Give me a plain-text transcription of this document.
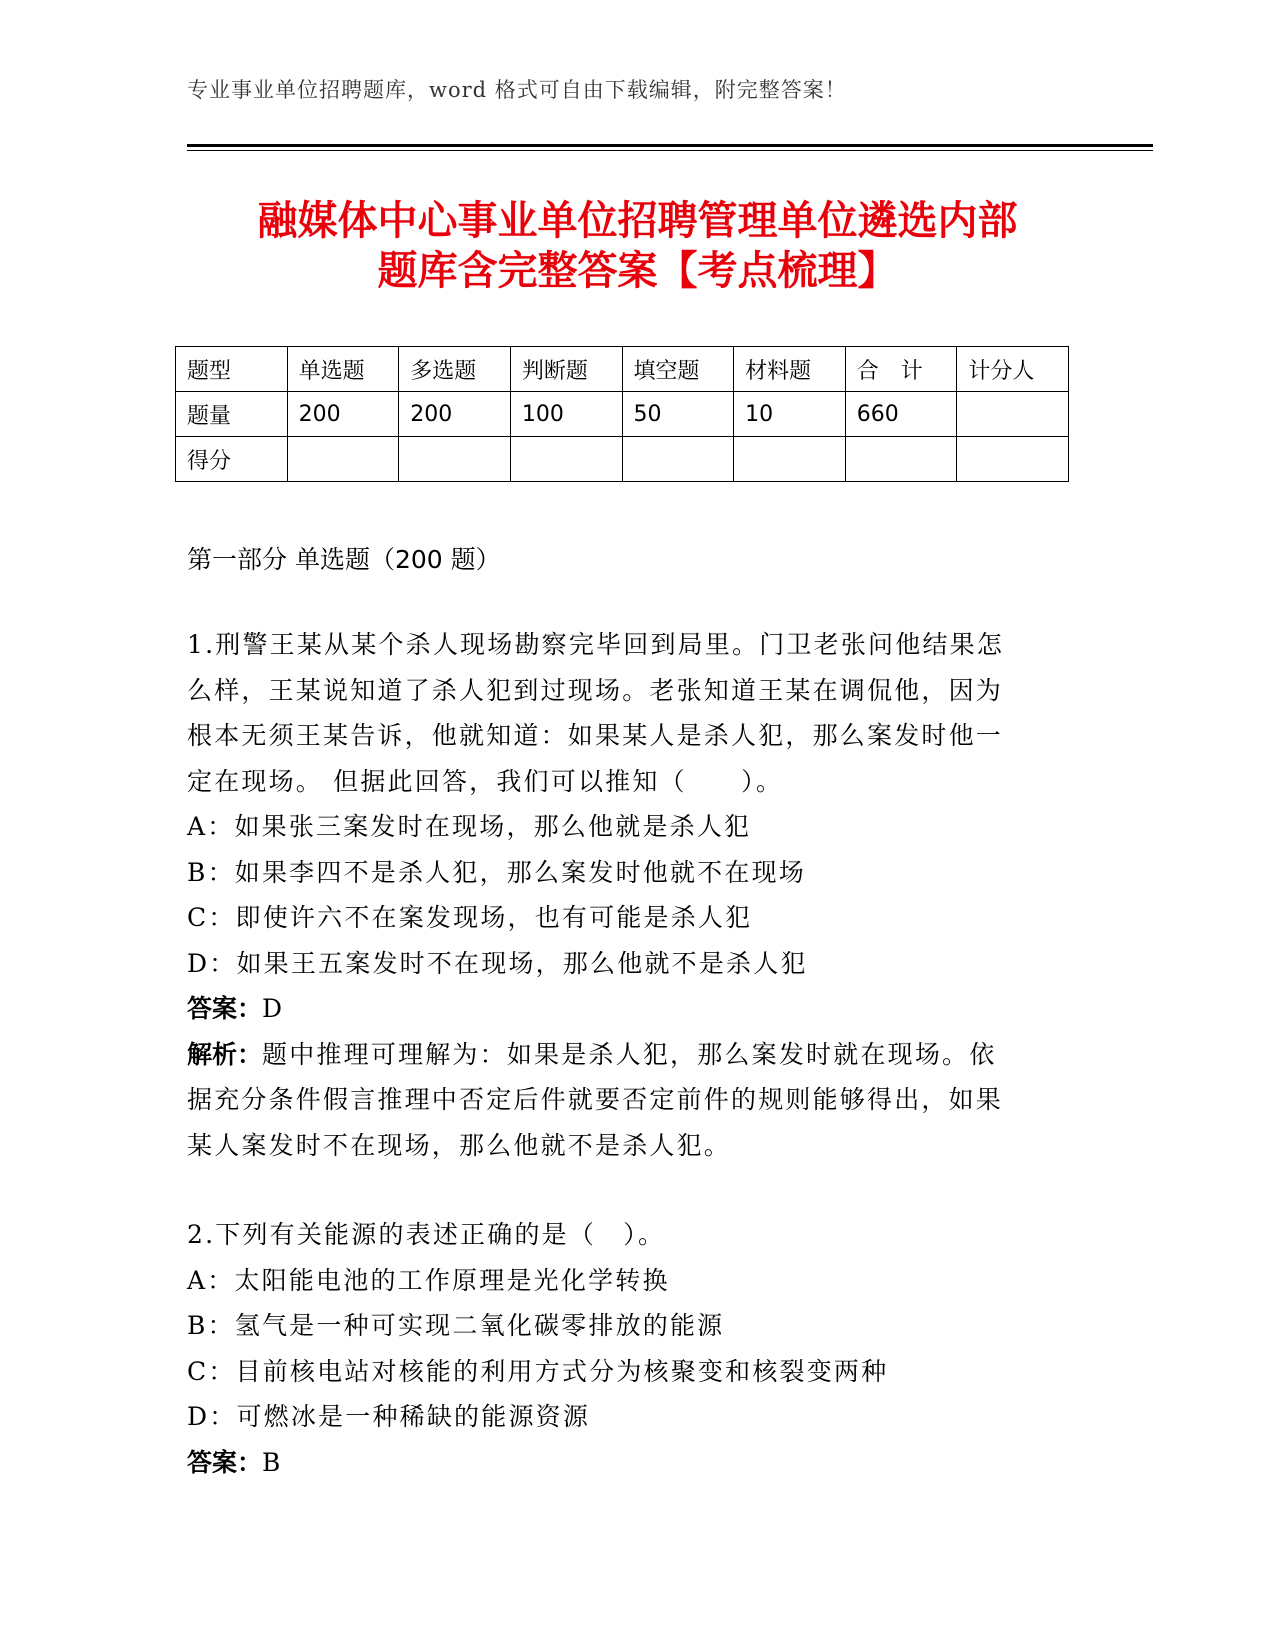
专业事业单位招聘题库，word 格式可自由下载编辑，附完整答案！
融媒体中心事业单位招聘管理单位遴选内部
题库含完整答案【考点梳理】
题型	单选题	多选题	判断题	填空题	材料题	合　计	计分人
题量	200	200	100	50	10	660	
得分							
第一部分 单选题（200 题）
1.刑警王某从某个杀人现场勘察完毕回到局里。门卫老张问他结果怎
么样，王某说知道了杀人犯到过现场。老张知道王某在调侃他，因为
根本无须王某告诉，他就知道：如果某人是杀人犯，那么案发时他一
定在现场。 但据此回答，我们可以推知（　　）。
A：如果张三案发时在现场，那么他就是杀人犯
B：如果李四不是杀人犯，那么案发时他就不在现场
C：即使许六不在案发现场，也有可能是杀人犯
D：如果王五案发时不在现场，那么他就不是杀人犯
答案：D
解析：题中推理可理解为：如果是杀人犯，那么案发时就在现场。依
据充分条件假言推理中否定后件就要否定前件的规则能够得出，如果
某人案发时不在现场，那么他就不是杀人犯。
2.下列有关能源的表述正确的是（　）。
A：太阳能电池的工作原理是光化学转换
B：氢气是一种可实现二氧化碳零排放的能源
C：目前核电站对核能的利用方式分为核聚变和核裂变两种
D：可燃冰是一种稀缺的能源资源
答案：B
